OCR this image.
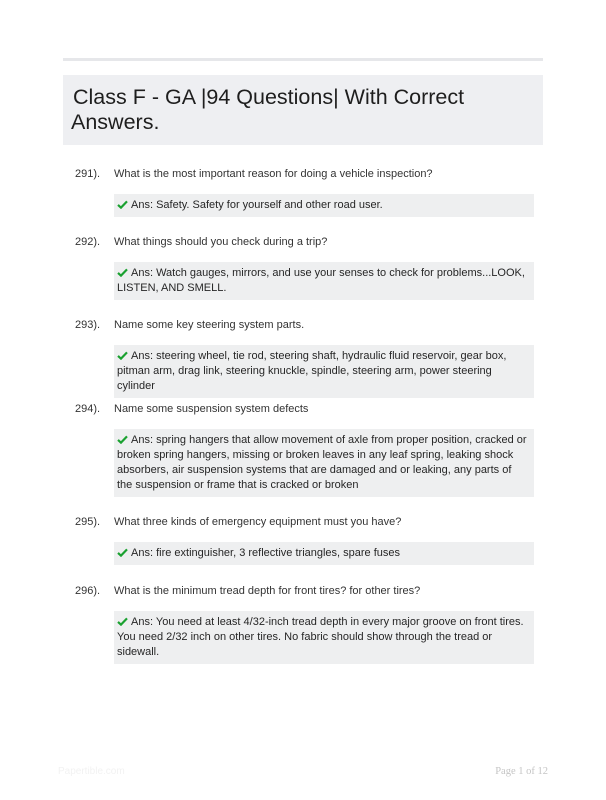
Class F - GA |94 Questions| With Correct Answers.
291). What is the most important reason for doing a vehicle inspection?
Ans: Safety. Safety for yourself and other road user.
292). What things should you check during a trip?
Ans: Watch gauges, mirrors, and use your senses to check for problems...LOOK, LISTEN, AND SMELL.
293). Name some key steering system parts.
Ans: steering wheel, tie rod, steering shaft, hydraulic fluid reservoir, gear box, pitman arm, drag link, steering knuckle, spindle, steering arm, power steering cylinder
294). Name some suspension system defects
Ans: spring hangers that allow movement of axle from proper position, cracked or broken spring hangers, missing or broken leaves in any leaf spring, leaking shock absorbers, air suspension systems that are damaged and or leaking, any parts of the suspension or frame that is cracked or broken
295). What three kinds of emergency equipment must you have?
Ans: fire extinguisher, 3 reflective triangles, spare fuses
296). What is the minimum tread depth for front tires? for other tires?
Ans: You need at least 4/32-inch tread depth in every major groove on front tires. You need 2/32 inch on other tires. No fabric should show through the tread or sidewall.
Papertible.com	Page 1 of 12
